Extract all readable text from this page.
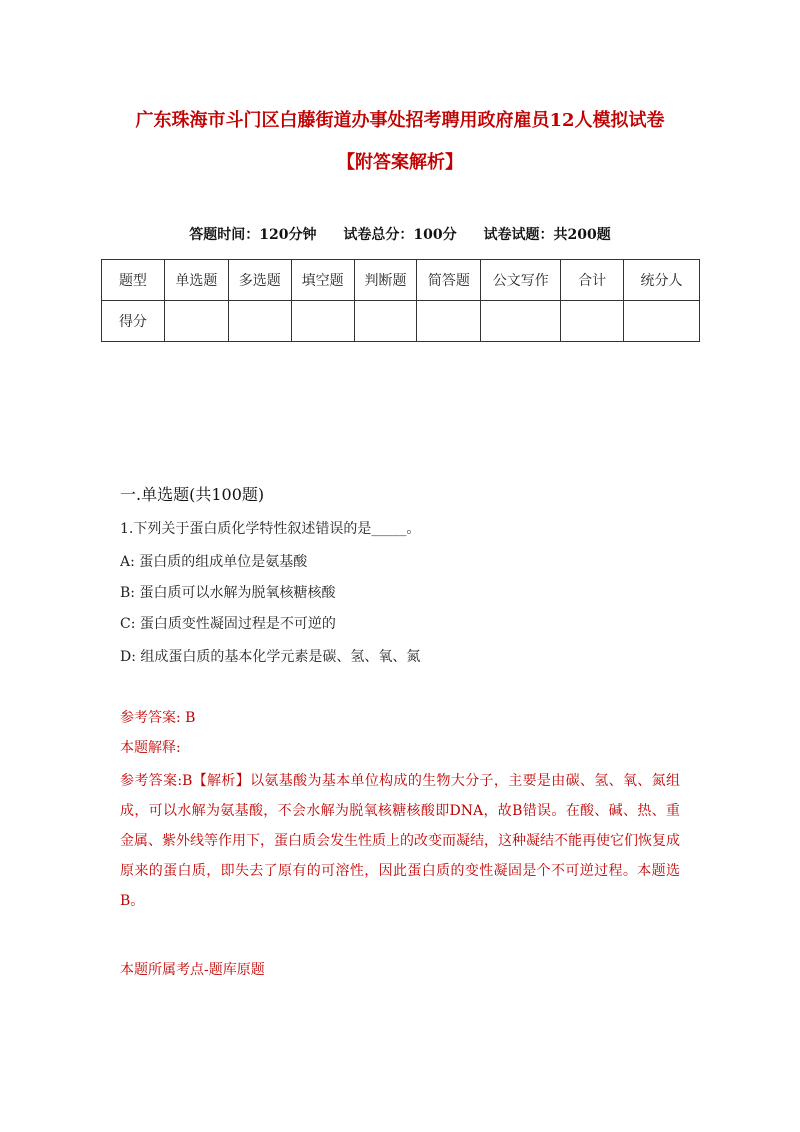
广东珠海市斗门区白藤街道办事处招考聘用政府雇员12人模拟试卷
【附答案解析】
答题时间：120分钟 试卷总分：100分 试卷试题：共200题
题型	单选题	多选题	填空题	判断题	简答题	公文写作	合计	统分人
得分								
一.单选题(共100题)
1.下列关于蛋白质化学特性叙述错误的是_____。
A: 蛋白质的组成单位是氨基酸
B: 蛋白质可以水解为脱氧核糖核酸
C: 蛋白质变性凝固过程是不可逆的
D: 组成蛋白质的基本化学元素是碳、氢、氧、氮
参考答案: B
本题解释:
参考答案:B【解析】以氨基酸为基本单位构成的生物大分子，主要是由碳、氢、氧、氮组成，可以水解为氨基酸，不会水解为脱氧核糖核酸即DNA，故B错误。在酸、碱、热、重金属、紫外线等作用下，蛋白质会发生性质上的改变而凝结，这种凝结不能再使它们恢复成原来的蛋白质，即失去了原有的可溶性，因此蛋白质的变性凝固是个不可逆过程。本题选B。
本题所属考点-题库原题
